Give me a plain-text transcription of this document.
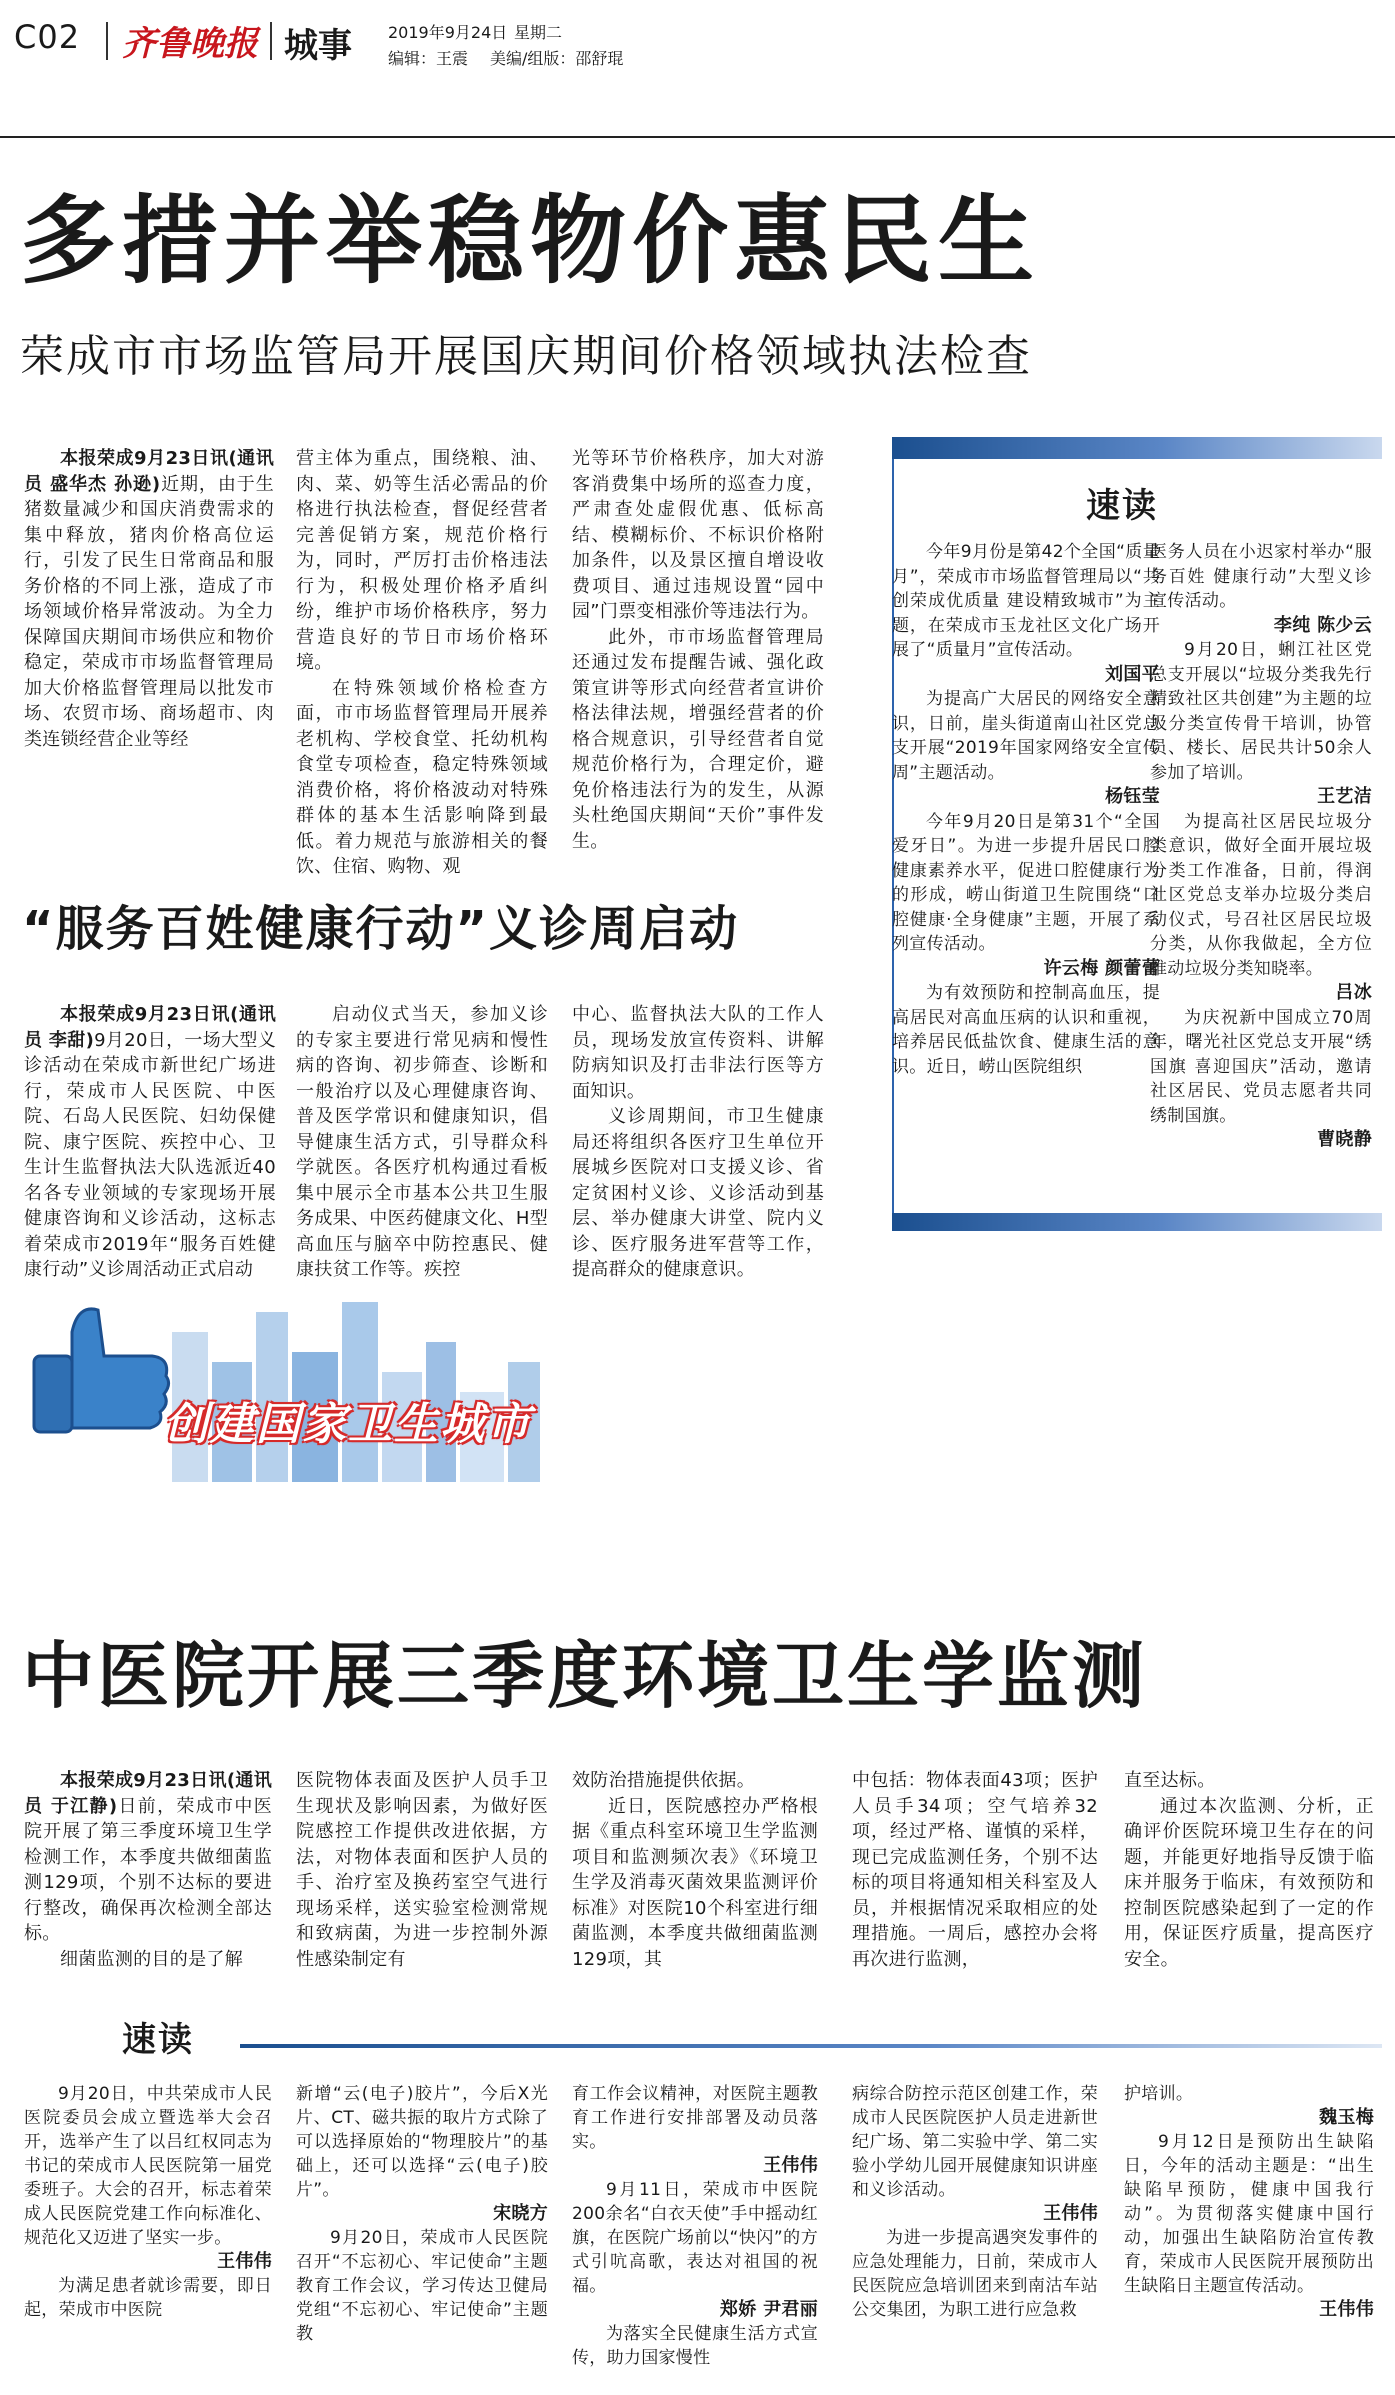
C02 齐鲁晚报 城事 2019年9月24日 星期二
编辑：王震 美编/组版：邵舒琨
多措并举稳物价惠民生
荣成市市场监管局开展国庆期间价格领域执法检查

本报荣成9月23日讯(通讯员 盛华杰 孙逊)近期，由于生猪数量减少和国庆消费需求的集中释放，猪肉价格高位运行，引发了民生日常商品和服务价格的不同上涨，造成了市场领域价格异常波动。为全力保障国庆期间市场供应和物价稳定，荣成市市场监督管理局加大价格监督管理局以批发市场、农贸市场、商场超市、肉类连锁经营企业等经

营主体为重点，围绕粮、油、肉、菜、奶等生活必需品的价格进行执法检查，督促经营者完善促销方案，规范价格行为，同时，严厉打击价格违法行为，积极处理价格矛盾纠纷，维护市场价格秩序，努力营造良好的节日市场价格环境。

在特殊领域价格检查方面，市市场监督管理局开展养老机构、学校食堂、托幼机构食堂专项检查，稳定特殊领域消费价格，将价格波动对特殊群体的基本生活影响降到最低。着力规范与旅游相关的餐饮、住宿、购物、观

光等环节价格秩序，加大对游客消费集中场所的巡查力度，严肃查处虚假优惠、低标高结、模糊标价、不标识价格附加条件，以及景区擅自增设收费项目、通过违规设置“园中园”门票变相涨价等违法行为。

此外，市市场监督管理局还通过发布提醒告诫、强化政策宣讲等形式向经营者宣讲价格法律法规，增强经营者的价格合规意识，引导经营者自觉规范价格行为，合理定价，避免价格违法行为的发生，从源头杜绝国庆期间“天价”事件发生。

“服务百姓健康行动”义诊周启动

本报荣成9月23日讯(通讯员 李甜)9月20日，一场大型义诊活动在荣成市新世纪广场进行，荣成市人民医院、中医院、石岛人民医院、妇幼保健院、康宁医院、疾控中心、卫生计生监督执法大队选派近40名各专业领域的专家现场开展健康咨询和义诊活动，这标志着荣成市2019年“服务百姓健康行动”义诊周活动正式启动

启动仪式当天，参加义诊的专家主要进行常见病和慢性病的咨询、初步筛查、诊断和一般治疗以及心理健康咨询、普及医学常识和健康知识，倡导健康生活方式，引导群众科学就医。各医疗机构通过看板集中展示全市基本公共卫生服务成果、中医药健康文化、H型高血压与脑卒中防控惠民、健康扶贫工作等。疾控

中心、监督执法大队的工作人员，现场发放宣传资料、讲解防病知识及打击非法行医等方面知识。

义诊周期间，市卫生健康局还将组织各医疗卫生单位开展城乡医院对口支援义诊、省定贫困村义诊、义诊活动到基层、举办健康大讲堂、院内义诊、医疗服务进军营等工作，提高群众的健康意识。

速读

今年9月份是第42个全国“质量月”，荣成市市场监督管理局以“共创荣成优质量 建设精致城市”为主题，在荣成市玉龙社区文化广场开展了“质量月”宣传活动。

刘国平

为提高广大居民的网络安全意识，日前，崖头街道南山社区党总支开展“2019年国家网络安全宣传周”主题活动。

杨钰莹

今年9月20日是第31个“全国爱牙日”。为进一步提升居民口腔健康素养水平，促进口腔健康行为的形成，崂山街道卫生院围绕“口腔健康·全身健康”主题，开展了系列宣传活动。

许云梅 颜蕾蕾

为有效预防和控制高血压，提高居民对高血压病的认识和重视，培养居民低盐饮食、健康生活的意识。近日，崂山医院组织

医务人员在小迟家村举办“服务百姓 健康行动”大型义诊宣传活动。

李纯 陈少云

9月20日，蜊江社区党总支开展以“垃圾分类我先行 精致社区共创建”为主题的垃圾分类宣传骨干培训，协管员、楼长、居民共计50余人参加了培训。

王艺洁

为提高社区居民垃圾分类意识，做好全面开展垃圾分类工作准备，日前，得润社区党总支举办垃圾分类启动仪式，号召社区居民垃圾分类，从你我做起，全方位推动垃圾分类知晓率。

吕冰

为庆祝新中国成立70周年，曙光社区党总支开展“绣国旗 喜迎国庆”活动，邀请社区居民、党员志愿者共同绣制国旗。

曹晓静
创建国家卫生城市
中医院开展三季度环境卫生学监测

本报荣成9月23日讯(通讯员 于江静)日前，荣成市中医院开展了第三季度环境卫生学检测工作，本季度共做细菌监测129项，个别不达标的要进行整改，确保再次检测全部达标。

细菌监测的目的是了解

医院物体表面及医护人员手卫生现状及影响因素，为做好医院感控工作提供改进依据，方法，对物体表面和医护人员的手、治疗室及换药室空气进行现场采样，送实验室检测常规和致病菌，为进一步控制外源性感染制定有

效防治措施提供依据。

近日，医院感控办严格根据《重点科室环境卫生学监测项目和监测频次表》《环境卫生学及消毒灭菌效果监测评价标准》对医院10个科室进行细菌监测，本季度共做细菌监测129项，其

中包括：物体表面43项；医护人员手34项；空气培养32项，经过严格、谨慎的采样，现已完成监测任务，个别不达标的项目将通知相关科室及人员，并根据情况采取相应的处理措施。一周后，感控办会将再次进行监测，

直至达标。

通过本次监测、分析，正确评价医院环境卫生存在的问题，并能更好地指导反馈于临床并服务于临床，有效预防和控制医院感染起到了一定的作用，保证医疗质量，提高医疗安全。

速读

9月20日，中共荣成市人民医院委员会成立暨选举大会召开，选举产生了以吕红权同志为书记的荣成市人民医院第一届党委班子。大会的召开，标志着荣成人民医院党建工作向标准化、规范化又迈进了坚实一步。

王伟伟

为满足患者就诊需要，即日起，荣成市中医院

新增“云(电子)胶片”，今后X光片、CT、磁共振的取片方式除了可以选择原始的“物理胶片”的基础上，还可以选择“云(电子)胶片”。

宋晓方

9月20日，荣成市人民医院召开“不忘初心、牢记使命”主题教育工作会议，学习传达卫健局党组“不忘初心、牢记使命”主题教

育工作会议精神，对医院主题教育工作进行安排部署及动员落实。

王伟伟

9月11日，荣成市中医院200余名“白衣天使”手中摇动红旗，在医院广场前以“快闪”的方式引吭高歌，表达对祖国的祝福。

郑娇 尹君丽

为落实全民健康生活方式宣传，助力国家慢性

病综合防控示范区创建工作，荣成市人民医院医护人员走进新世纪广场、第二实验中学、第二实验小学幼儿园开展健康知识讲座和义诊活动。

王伟伟

为进一步提高遇突发事件的应急处理能力，日前，荣成市人民医院应急培训团来到南沽车站公交集团，为职工进行应急救

护培训。

魏玉梅

9月12日是预防出生缺陷日，今年的活动主题是：“出生缺陷早预防，健康中国我行动”。为贯彻落实健康中国行动，加强出生缺陷防治宣传教育，荣成市人民医院开展预防出生缺陷日主题宣传活动。

王伟伟
